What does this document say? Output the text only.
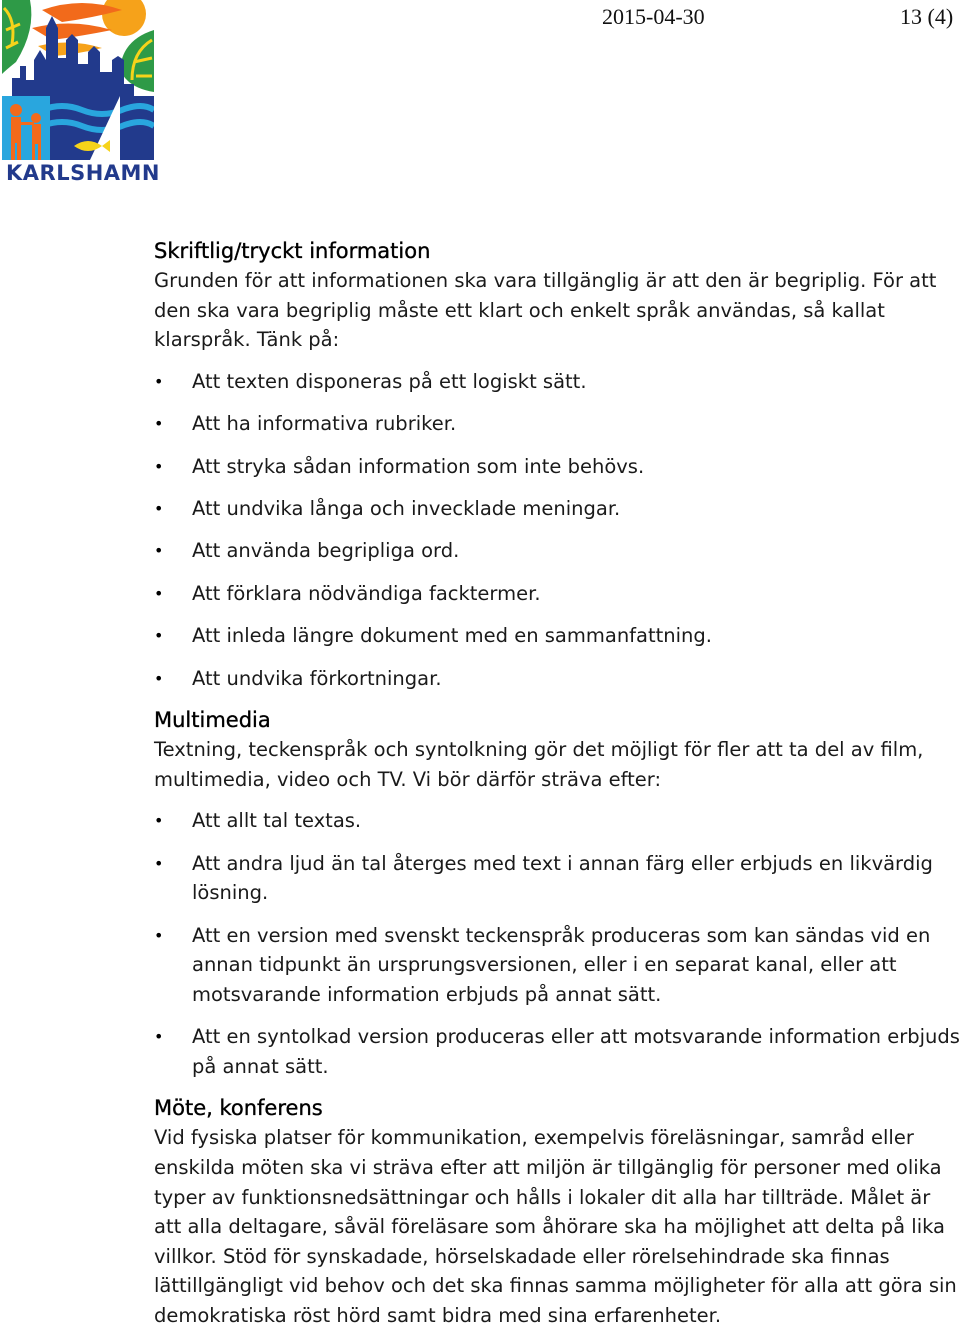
KARLSHAMN
2015-04-30	13 (4)
Skriftlig/tryckt information

Grunden för att informationen ska vara tillgänglig är att den är begriplig. För att den ska vara begriplig måste ett klart och enkelt språk användas, så kallat klarspråk. Tänk på:

• Att texten disponeras på ett logiskt sätt.
• Att ha informativa rubriker.
• Att stryka sådan information som inte behövs.
• Att undvika långa och invecklade meningar.
• Att använda begripliga ord.
• Att förklara nödvändiga facktermer.
• Att inleda längre dokument med en sammanfattning.
• Att undvika förkortningar.
Multimedia

Textning, teckenspråk och syntolkning gör det möjligt för fler att ta del av film, multimedia, video och TV. Vi bör därför sträva efter:

• Att allt tal textas.
• Att andra ljud än tal återges med text i annan färg eller erbjuds en likvärdig lösning.
• Att en version med svenskt teckenspråk produceras som kan sändas vid en annan tidpunkt än ursprungsversionen, eller i en separat kanal, eller att motsvarande information erbjuds på annat sätt.
• Att en syntolkad version produceras eller att motsvarande information erbjuds på annat sätt.
Möte, konferens

Vid fysiska platser för kommunikation, exempelvis föreläsningar, samråd eller enskilda möten ska vi sträva efter att miljön är tillgänglig för personer med olika typer av funktionsnedsättningar och hålls i lokaler dit alla har tillträde. Målet är att alla deltagare, såväl föreläsare som åhörare ska ha möjlighet att delta på lika villkor. Stöd för synskadade, hörselskadade eller rörelsehindrade ska finnas lättillgängligt vid behov och det ska finnas samma möjligheter för alla att göra sin demokratiska röst hörd samt bidra med sina erfarenheter.
